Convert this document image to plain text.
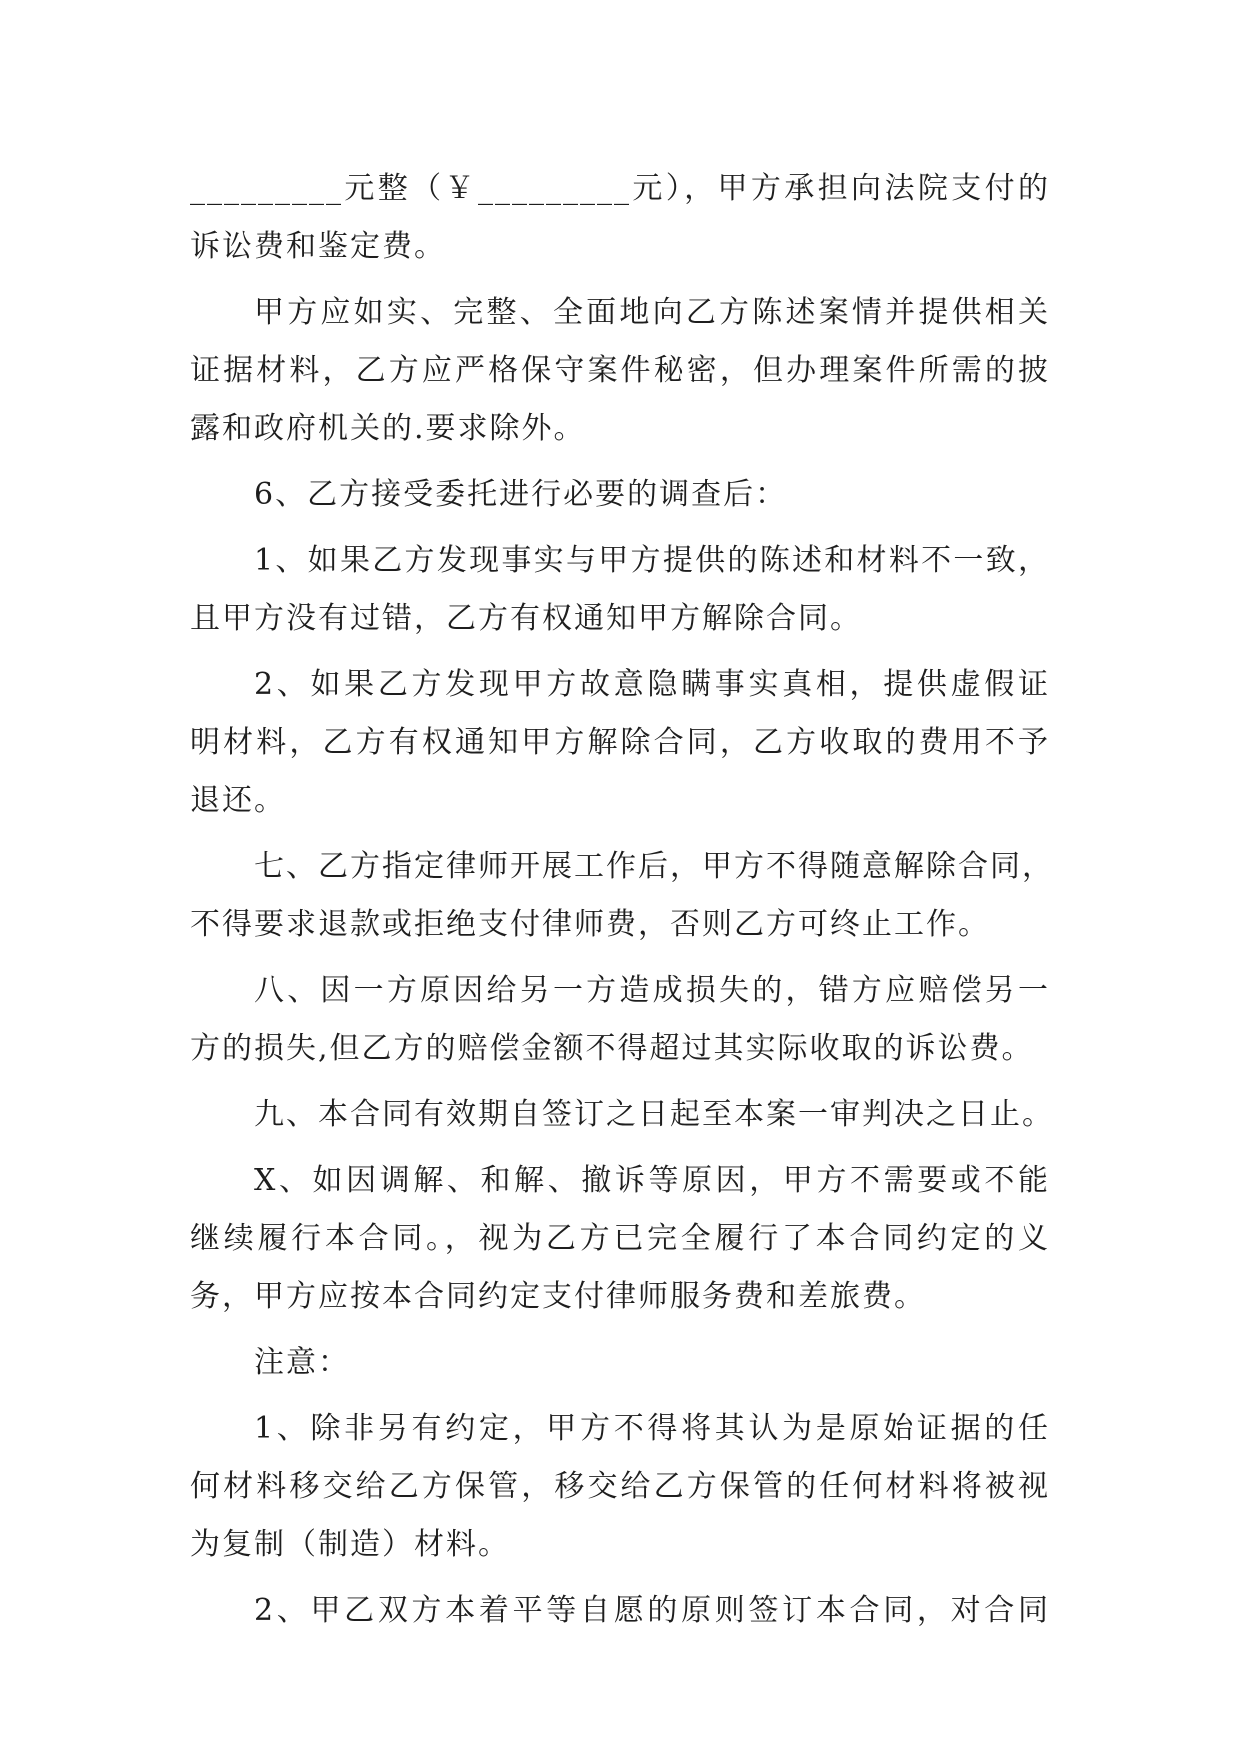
_________元整（￥_________元），甲方承担向法院支付的
诉讼费和鉴定费。
甲方应如实、完整、全面地向乙方陈述案情并提供相关
证据材料，乙方应严格保守案件秘密，但办理案件所需的披
露和政府机关的.要求除外。
6、乙方接受委托进行必要的调查后：
1、如果乙方发现事实与甲方提供的陈述和材料不一致，
且甲方没有过错，乙方有权通知甲方解除合同。
2、如果乙方发现甲方故意隐瞒事实真相，提供虚假证
明材料，乙方有权通知甲方解除合同，乙方收取的费用不予
退还。
七、乙方指定律师开展工作后，甲方不得随意解除合同，
不得要求退款或拒绝支付律师费，否则乙方可终止工作。
八、因一方原因给另一方造成损失的，错方应赔偿另一
方的损失,但乙方的赔偿金额不得超过其实际收取的诉讼费。
九、本合同有效期自签订之日起至本案一审判决之日止。
X、如因调解、和解、撤诉等原因，甲方不需要或不能
继续履行本合同。，视为乙方已完全履行了本合同约定的义
务，甲方应按本合同约定支付律师服务费和差旅费。
注意：
1、除非另有约定，甲方不得将其认为是原始证据的任
何材料移交给乙方保管，移交给乙方保管的任何材料将被视
为复制（制造）材料。
2、甲乙双方本着平等自愿的原则签订本合同，对合同
